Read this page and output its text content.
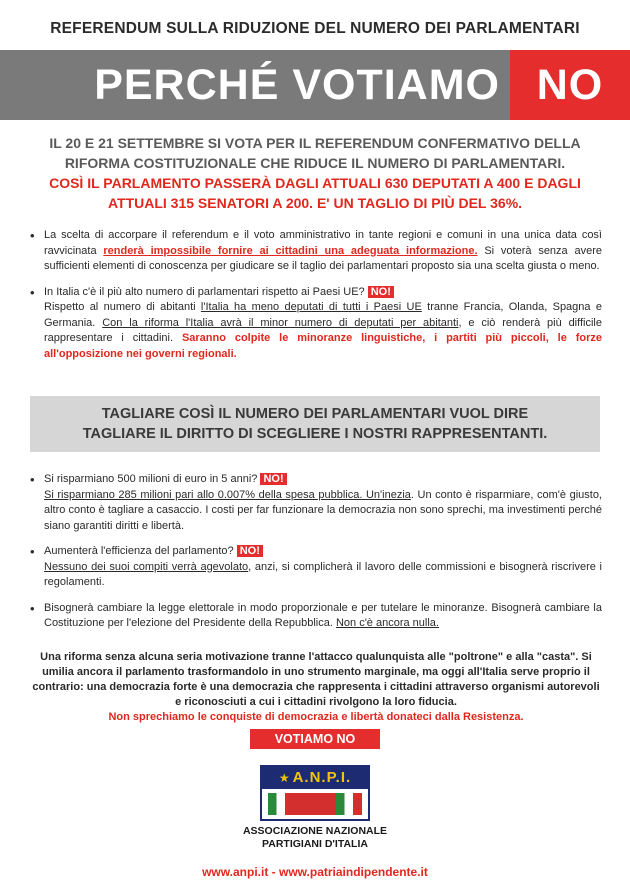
REFERENDUM SULLA RIDUZIONE DEL NUMERO DEI PARLAMENTARI
PERCHÉ VOTIAMO NO
IL 20 E 21 SETTEMBRE SI VOTA PER IL REFERENDUM CONFERMATIVO DELLA RIFORMA COSTITUZIONALE CHE RIDUCE IL NUMERO DI PARLAMENTARI.
COSÌ IL PARLAMENTO PASSERÀ DAGLI ATTUALI 630 DEPUTATI A 400 E DAGLI ATTUALI 315 SENATORI A 200. E' UN TAGLIO DI PIÙ DEL 36%.
• La scelta di accorpare il referendum e il voto amministrativo in tante regioni e comuni in una unica data così ravvicinata renderà impossibile fornire ai cittadini una adeguata informazione. Si voterà senza avere sufficienti elementi di conoscenza per giudicare se il taglio dei parlamentari proposto sia una scelta giusta o meno.
• In Italia c'è il più alto numero di parlamentari rispetto ai Paesi UE? NO!
Rispetto al numero di abitanti l'Italia ha meno deputati di tutti i Paesi UE tranne Francia, Olanda, Spagna e Germania. Con la riforma l'Italia avrà il minor numero di deputati per abitanti, e ciò renderà più difficile rappresentare i cittadini. Saranno colpite le minoranze linguistiche, i partiti più piccoli, le forze all'opposizione nei governi regionali.
TAGLIARE COSÌ IL NUMERO DEI PARLAMENTARI VUOL DIRE
TAGLIARE IL DIRITTO DI SCEGLIERE I NOSTRI RAPPRESENTANTI.
• Si risparmiano 500 milioni di euro in 5 anni? NO!
Si risparmiano 285 milioni pari allo 0.007% della spesa pubblica. Un'inezia. Un conto è risparmiare, com'è giusto, altro conto è tagliare a casaccio. I costi per far funzionare la democrazia non sono sprechi, ma investimenti perché siano garantiti diritti e libertà.
• Aumenterà l'efficienza del parlamento? NO!
Nessuno dei suoi compiti verrà agevolato, anzi, si complicherà il lavoro delle commissioni e bisognerà riscrivere i regolamenti.
• Bisognerà cambiare la legge elettorale in modo proporzionale e per tutelare le minoranze. Bisognerà cambiare la Costituzione per l'elezione del Presidente della Repubblica. Non c'è ancora nulla.
Una riforma senza alcuna seria motivazione tranne l'attacco qualunquista alle "poltrone" e alla "casta". Si umilia ancora il parlamento trasformandolo in uno strumento marginale, ma oggi all'Italia serve proprio il contrario: una democrazia forte è una democrazia che rappresenta i cittadini attraverso organismi autorevoli e riconosciuti a cui i cittadini rivolgono la loro fiducia.
Non sprechiamo le conquiste di democrazia e libertà donateci dalla Resistenza.
VOTIAMO NO
★ A.N.P.I.
ASSOCIAZIONE NAZIONALE
PARTIGIANI D'ITALIA
www.anpi.it - www.patriaindipendente.it
